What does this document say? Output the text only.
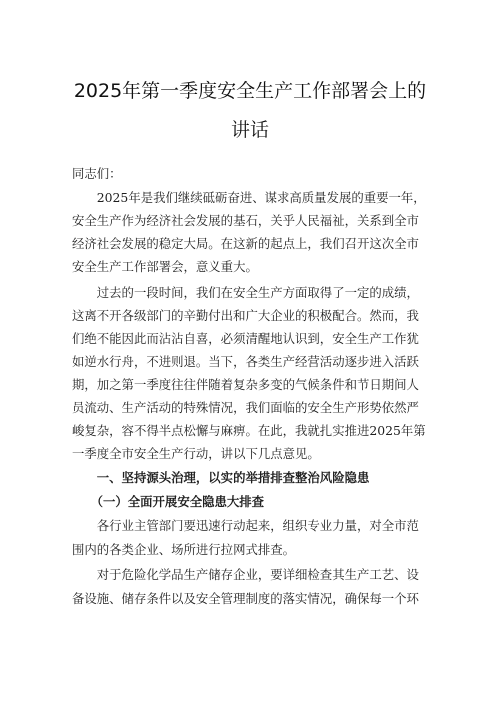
2025年第一季度安全生产工作部署会上的
讲话
同志们：
　　2025年是我们继续砥砺奋进、谋求高质量发展的重要一年，
安全生产作为经济社会发展的基石，关乎人民福祉，关系到全市
经济社会发展的稳定大局。在这新的起点上，我们召开这次全市
安全生产工作部署会，意义重大。
　　过去的一段时间，我们在安全生产方面取得了一定的成绩，
这离不开各级部门的辛勤付出和广大企业的积极配合。然而，我
们绝不能因此而沾沾自喜，必须清醒地认识到，安全生产工作犹
如逆水行舟，不进则退。当下，各类生产经营活动逐步进入活跃
期，加之第一季度往往伴随着复杂多变的气候条件和节日期间人
员流动、生产活动的特殊情况，我们面临的安全生产形势依然严
峻复杂，容不得半点松懈与麻痹。在此，我就扎实推进2025年第
一季度全市安全生产行动，讲以下几点意见。
　　一、坚持源头治理，以实的举措排查整治风险隐患
　　（一）全面开展安全隐患大排查
　　各行业主管部门要迅速行动起来，组织专业力量，对全市范
围内的各类企业、场所进行拉网式排查。
　　对于危险化学品生产储存企业，要详细检查其生产工艺、设
备设施、储存条件以及安全管理制度的落实情况，确保每一个环
